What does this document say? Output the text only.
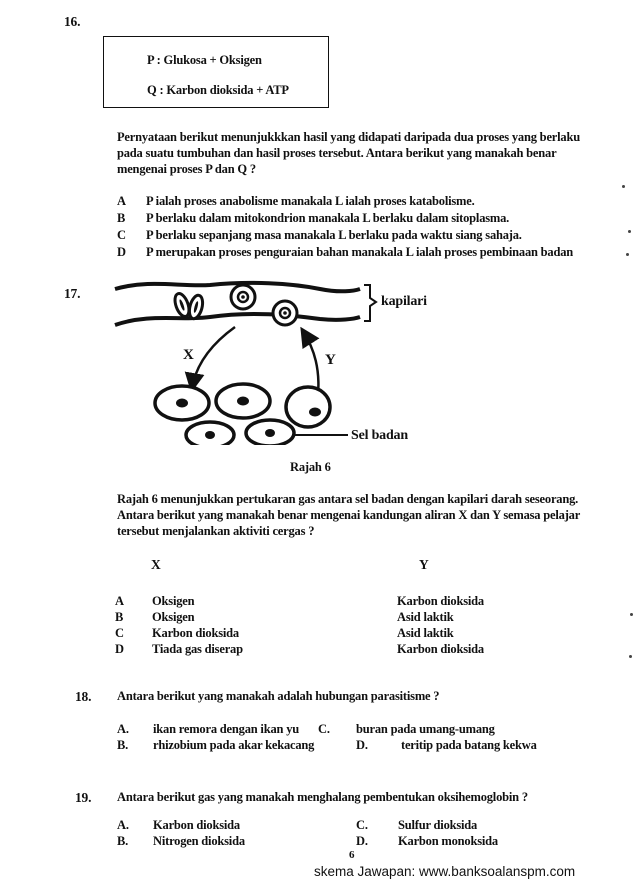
16.
P : Glukosa + Oksigen
Q : Karbon dioksida + ATP
Pernyataan berikut menunjukkkan hasil yang didapati daripada dua proses yang berlaku
pada suatu tumbuhan dan hasil proses tersebut. Antara berikut yang manakah benar
mengenai proses P dan Q ?
A P ialah proses anabolisme manakala L ialah proses katabolisme.
B P berlaku dalam mitokondrion manakala L berlaku dalam sitoplasma.
C P berlaku sepanjang masa manakala L berlaku pada waktu siang sahaja.
D P merupakan proses penguraian bahan manakala L ialah proses pembinaan badan
17.
kapilari
X	Y
Sel badan
Rajah 6
Rajah 6 menunjukkan pertukaran gas antara sel badan dengan kapilari darah seseorang.
Antara berikut yang manakah benar mengenai kandungan aliran X dan Y semasa pelajar
tersebut menjalankan aktiviti cergas ?
X	Y
A Oksigen	Karbon dioksida
B Oksigen	Asid laktik
C Karbon dioksida	Asid laktik
D Tiada gas diserap	Karbon dioksida
18. Antara berikut yang manakah adalah hubungan parasitisme ?
A. ikan remora dengan ikan yu C. buran pada umang-umang
B. rhizobium pada akar kekacang	D.	teritip pada batang kekwa
19. Antara berikut gas yang manakah menghalang pembentukan oksihemoglobin ?
A. Karbon dioksida	C. Sulfur dioksida
B. Nitrogen dioksida	D. Karbon monoksida
6
skema Jawapan: www.banksoalanspm.com
